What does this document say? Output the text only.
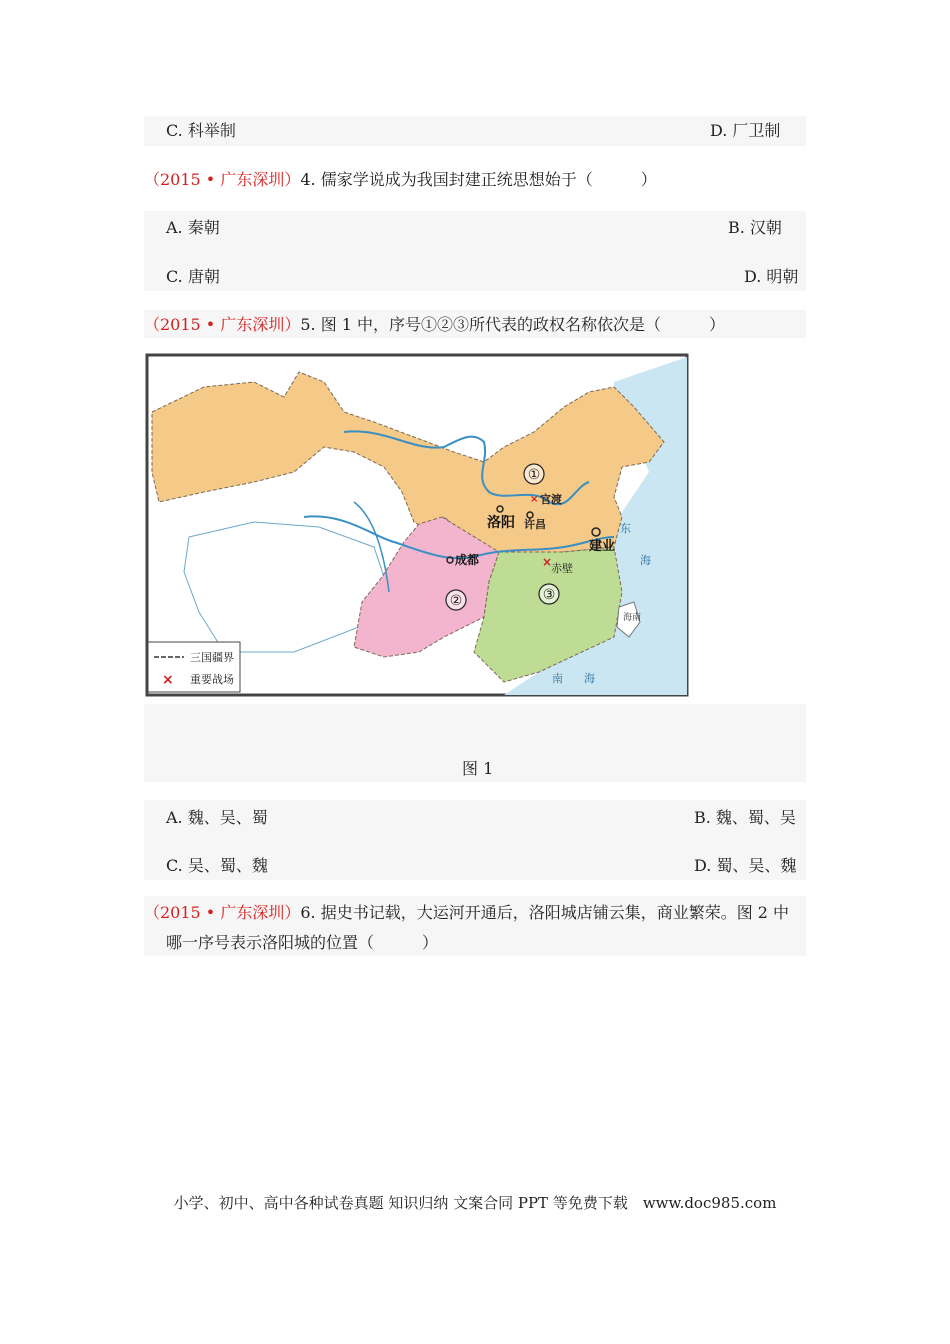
C. 科举制	D. 厂卫制
（2015 • 广东深圳）4. 儒家学说成为我国封建正统思想始于（　　　）
A. 秦朝	B. 汉朝
C. 唐朝	D. 明朝
（2015 • 广东深圳）5. 图 1 中，序号①②③所代表的政权名称依次是（　　　）
①
②	③
× 官渡
洛阳 许昌
建业
成都	×
赤壁
东
海
南 海
海南
三国疆界
× 重要战场
图 1
A. 魏、吴、蜀	B. 魏、蜀、吴
C. 吴、蜀、魏	D. 蜀、吴、魏
（2015 • 广东深圳）6. 据史书记载，大运河开通后，洛阳城店铺云集，商业繁荣。图 2 中
哪一序号表示洛阳城的位置（　　　）
小学、初中、高中各种试卷真题 知识归纳 文案合同 PPT 等免费下载　www.doc985.com
